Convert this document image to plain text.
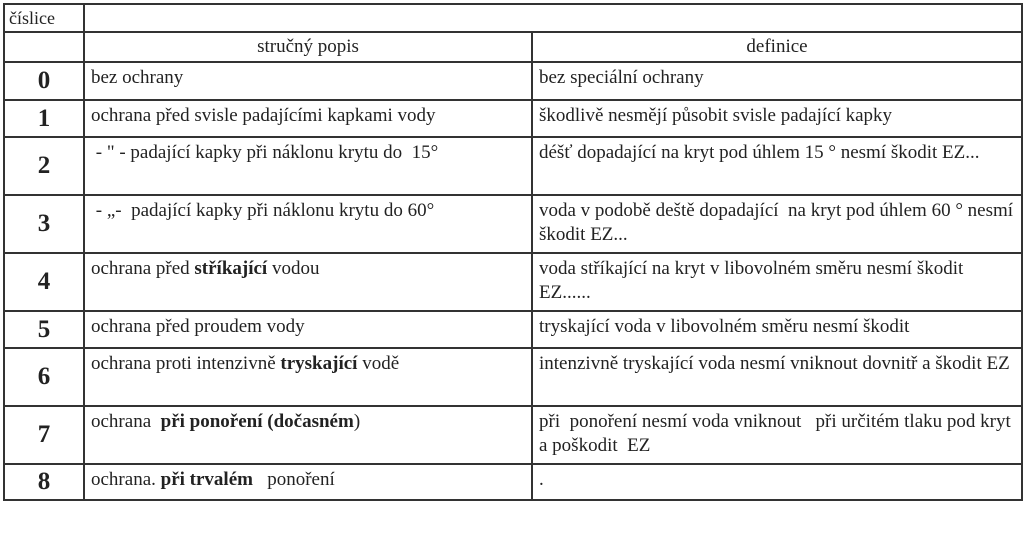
číslice		
	stručný popis	definice
0	bez ochrany	bez speciální ochrany
1	ochrana před svisle padajícími kapkami vody	škodlivě nesmějí působit svisle padající kapky
2	- " - padající kapky při náklonu krytu do  15°	déšť dopadající na kryt pod úhlem 15 ° nesmí škodit EZ...
3	- „-  padající kapky při náklonu krytu do 60°	voda v podobě deště dopadající  na kryt pod úhlem 60 ° nesmí škodit EZ...
4	ochrana před stříkající vodou	voda stříkající na kryt v libovolném směru nesmí škodit EZ......
5	ochrana před proudem vody	tryskající voda v libovolném směru nesmí škodit
6	ochrana proti intenzivně tryskající vodě	intenzivně tryskající voda nesmí vniknout dovnitř a škodit EZ
7	ochrana  při ponoření (dočasném)	při  ponoření nesmí voda vniknout   při určitém tlaku pod kryt a poškodit  EZ
8	ochrana. při trvalém   ponoření	.
